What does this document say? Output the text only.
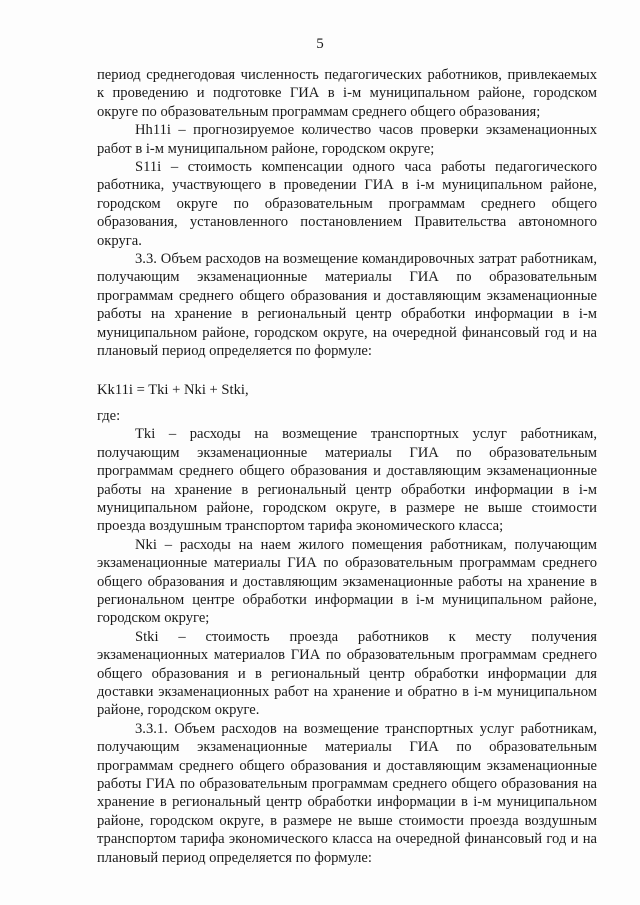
5

период среднегодовая численность педагогических работников, привлекаемых к проведению и подготовке ГИА в i-м муниципальном районе, городском округе по образовательным программам среднего общего образования;

Hh11i – прогнозируемое количество часов проверки экзаменационных работ в i-м муниципальном районе, городском округе;

S11i – стоимость компенсации одного часа работы педагогического работника, участвующего в проведении ГИА в i-м муниципальном районе, городском округе по образовательным программам среднего общего образования, установленного постановлением Правительства автономного округа.

3.3. Объем расходов на возмещение командировочных затрат работникам, получающим экзаменационные материалы ГИА по образовательным программам среднего общего образования и доставляющим экзаменационные работы на хранение в региональный центр обработки информации в i-м муниципальном районе, городском округе, на очередной финансовый год и на плановый период определяется по формуле:

Kk11i = Tki + Nki + Stki,

где:

Tki – расходы на возмещение транспортных услуг работникам, получающим экзаменационные материалы ГИА по образовательным программам среднего общего образования и доставляющим экзаменационные работы на хранение в региональный центр обработки информации в i-м муниципальном районе, городском округе, в размере не выше стоимости проезда воздушным транспортом тарифа экономического класса;

Nki – расходы на наем жилого помещения работникам, получающим экзаменационные материалы ГИА по образовательным программам среднего общего образования и доставляющим экзаменационные работы на хранение в региональном центре обработки информации в i-м муниципальном районе, городском округе;

Stki – стоимость проезда работников к месту получения экзаменационных материалов ГИА по образовательным программам среднего общего образования и в региональный центр обработки информации для доставки экзаменационных работ на хранение и обратно в i-м муниципальном районе, городском округе.

3.3.1. Объем расходов на возмещение транспортных услуг работникам, получающим экзаменационные материалы ГИА по образовательным программам среднего общего образования и доставляющим экзаменационные работы ГИА по образовательным программам среднего общего образования на хранение в региональный центр обработки информации в i-м муниципальном районе, городском округе, в размере не выше стоимости проезда воздушным транспортом тарифа экономического класса на очередной финансовый год и на плановый период определяется по формуле:
